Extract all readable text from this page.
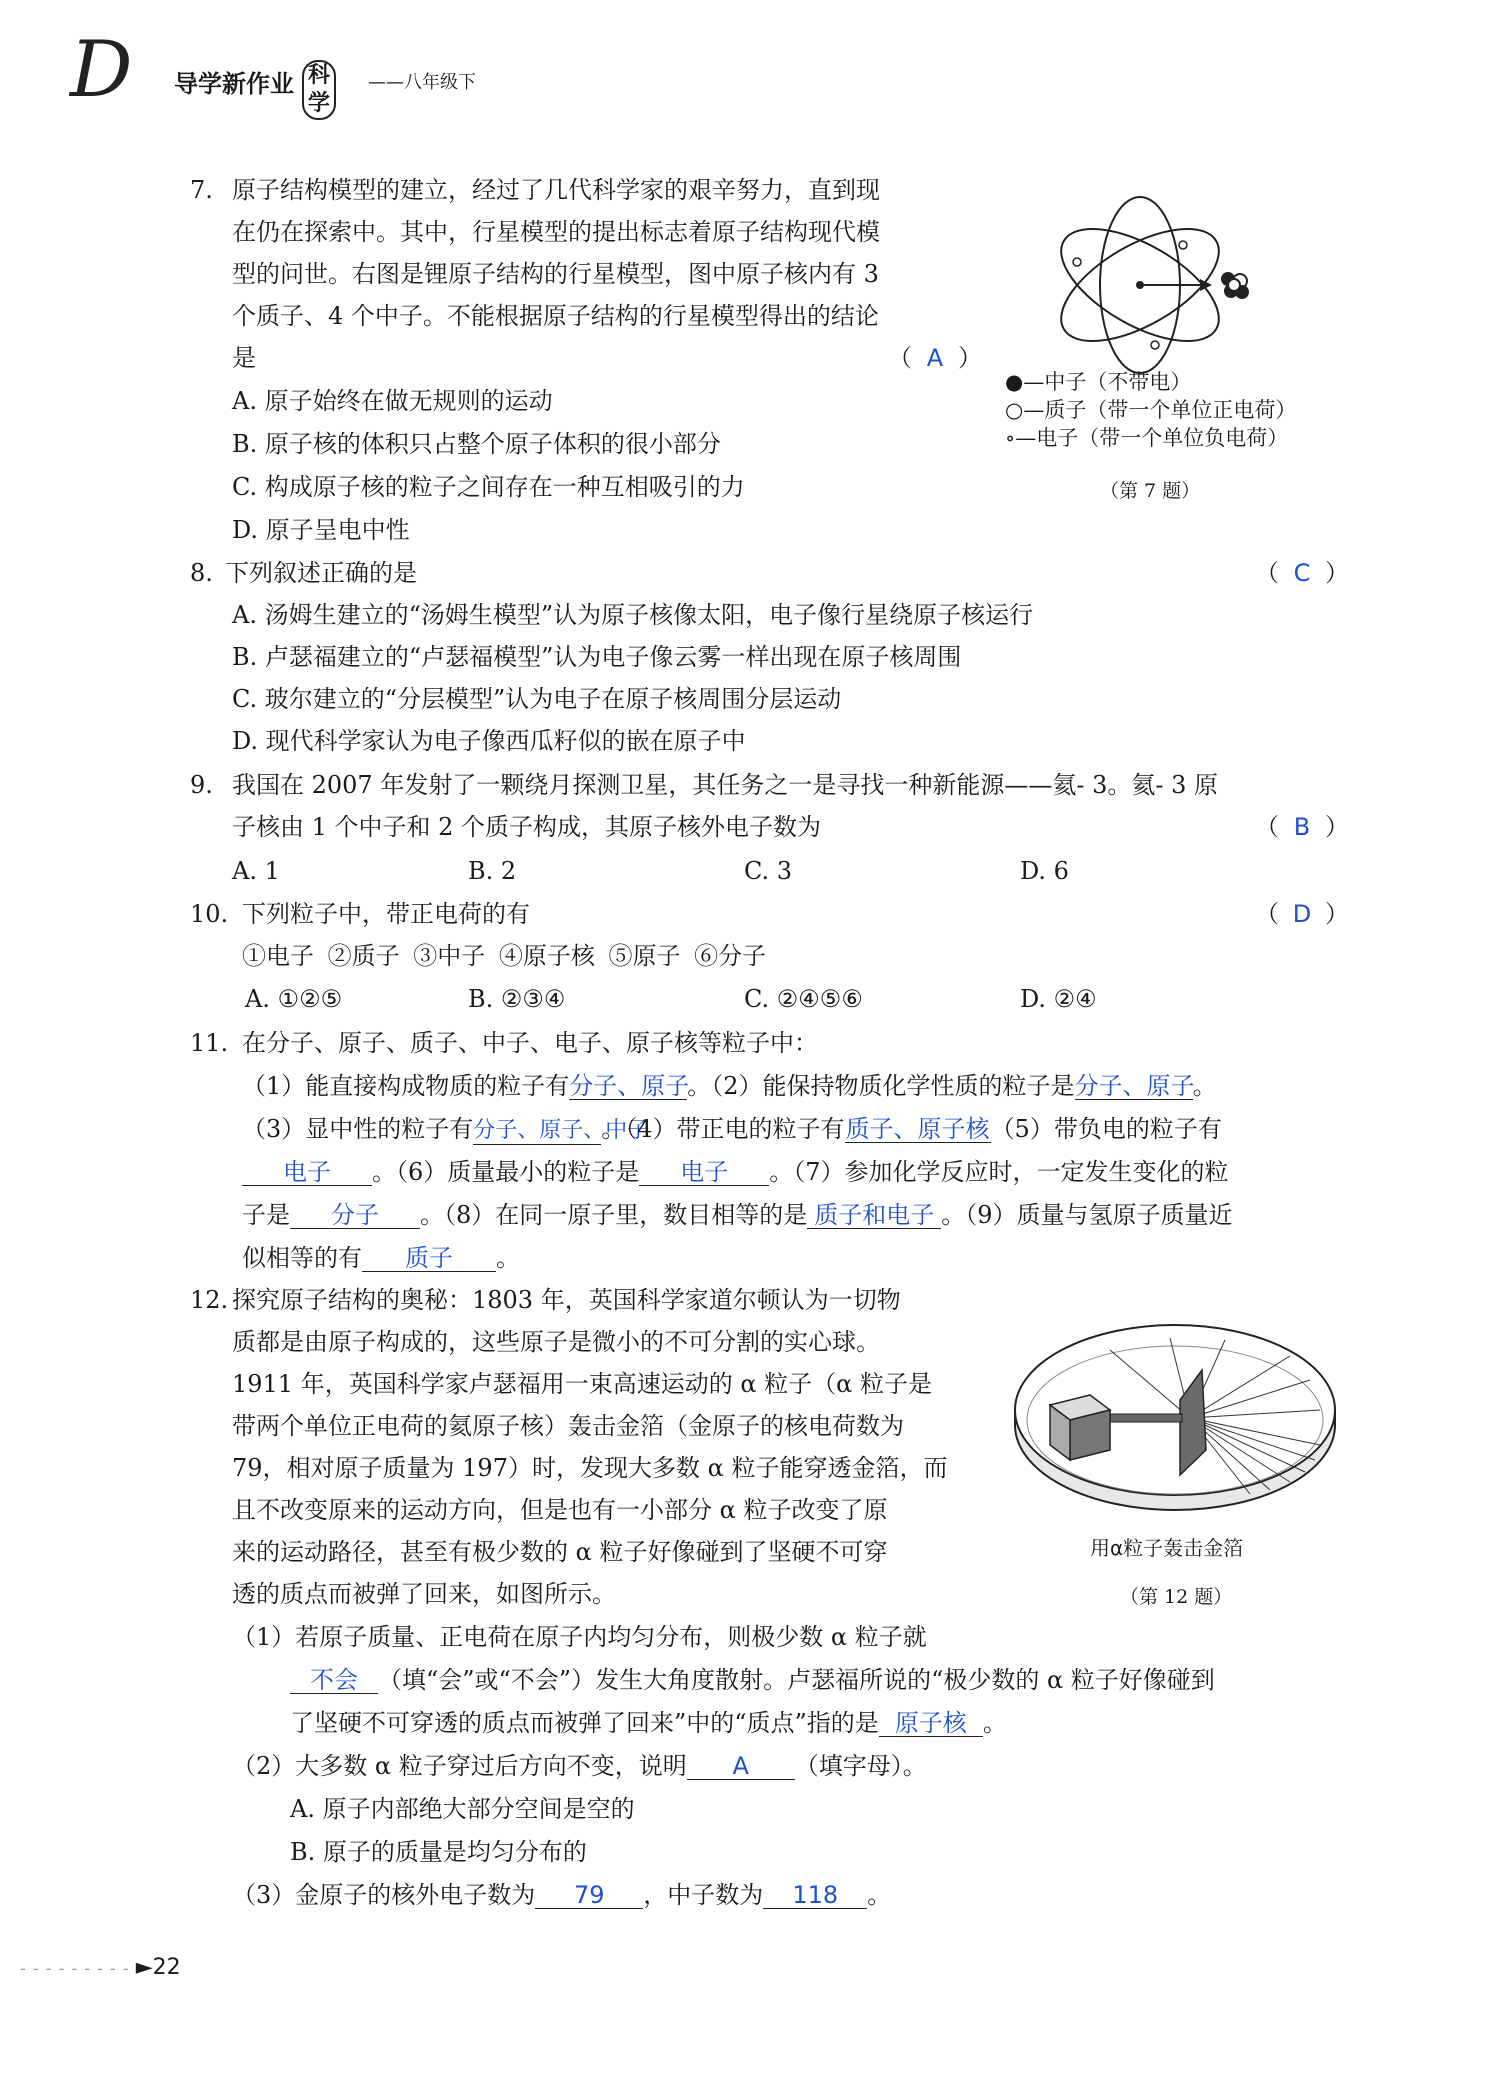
D 导学新作业 科学
——八年级下
7. 原子结构模型的建立，经过了几代科学家的艰辛努力，直到现
在仍在探索中。其中，行星模型的提出标志着原子结构现代模
型的问世。右图是锂原子结构的行星模型，图中原子核内有 3
个质子、4 个中子。不能根据原子结构的行星模型得出的结论
是	（ A ）
A. 原子始终在做无规则的运动
B. 原子核的体积只占整个原子体积的很小部分
C. 构成原子核的粒子之间存在一种互相吸引的力
D. 原子呈电中性
●—中子（不带电）
○—质子（带一个单位正电荷）
∘—电子（带一个单位负电荷）
（第 7 题）
8. 下列叙述正确的是	（ C ）
A. 汤姆生建立的“汤姆生模型”认为原子核像太阳，电子像行星绕原子核运行
B. 卢瑟福建立的“卢瑟福模型”认为电子像云雾一样出现在原子核周围
C. 玻尔建立的“分层模型”认为电子在原子核周围分层运动
D. 现代科学家认为电子像西瓜籽似的嵌在原子中
9. 我国在 2007 年发射了一颗绕月探测卫星，其任务之一是寻找一种新能源——氦- 3。氦- 3 原
子核由 1 个中子和 2 个质子构成，其原子核外电子数为	（ B ）
A. 1	B. 2	C. 3	D. 6
10. 下列粒子中，带正电荷的有	（ D ）
①电子 ②质子 ③中子 ④原子核 ⑤原子 ⑥分子
A. ①②⑤	B. ②③④	C. ②④⑤⑥	D. ②④
11. 在分子、原子、质子、中子、电子、原子核等粒子中：
（1）能直接构成物质的粒子有分子、原子。（2）能保持物质化学性质的粒子是分子、原子。
（3）显中性的粒子有分子、原子、中子。（4）带正电的粒子有质子、原子核（5）带负电的粒子有
电子 。（6）质量最小的粒子是 电子 。（7）参加化学反应时，一定发生变化的粒
子是 分子 。（8）在同一原子里，数目相等的是 质子和电子 。（9）质量与氢原子质量近
似相等的有 质子 。
12. 探究原子结构的奥秘：1803 年，英国科学家道尔顿认为一切物
质都是由原子构成的，这些原子是微小的不可分割的实心球。
1911 年，英国科学家卢瑟福用一束高速运动的 α 粒子（α 粒子是
带两个单位正电荷的氦原子核）轰击金箔（金原子的核电荷数为
79，相对原子质量为 197）时，发现大多数 α 粒子能穿透金箔，而
且不改变原来的运动方向，但是也有一小部分 α 粒子改变了原
来的运动路径，甚至有极少数的 α 粒子好像碰到了坚硬不可穿
透的质点而被弹了回来，如图所示。
用α粒子轰击金箔
（第 12 题）
（1）若原子质量、正电荷在原子内均匀分布，则极少数 α 粒子就
不会 （填“会”或“不会”）发生大角度散射。卢瑟福所说的“极少数的 α 粒子好像碰到
了坚硬不可穿透的质点而被弹了回来”中的“质点”指的是 原子核 。
（2）大多数 α 粒子穿过后方向不变，说明 A （填字母）。
A. 原子内部绝大部分空间是空的
B. 原子的质量是均匀分布的
（3）金原子的核外电子数为 79 ，中子数为 118 。
- - - - - - - - - ►22
